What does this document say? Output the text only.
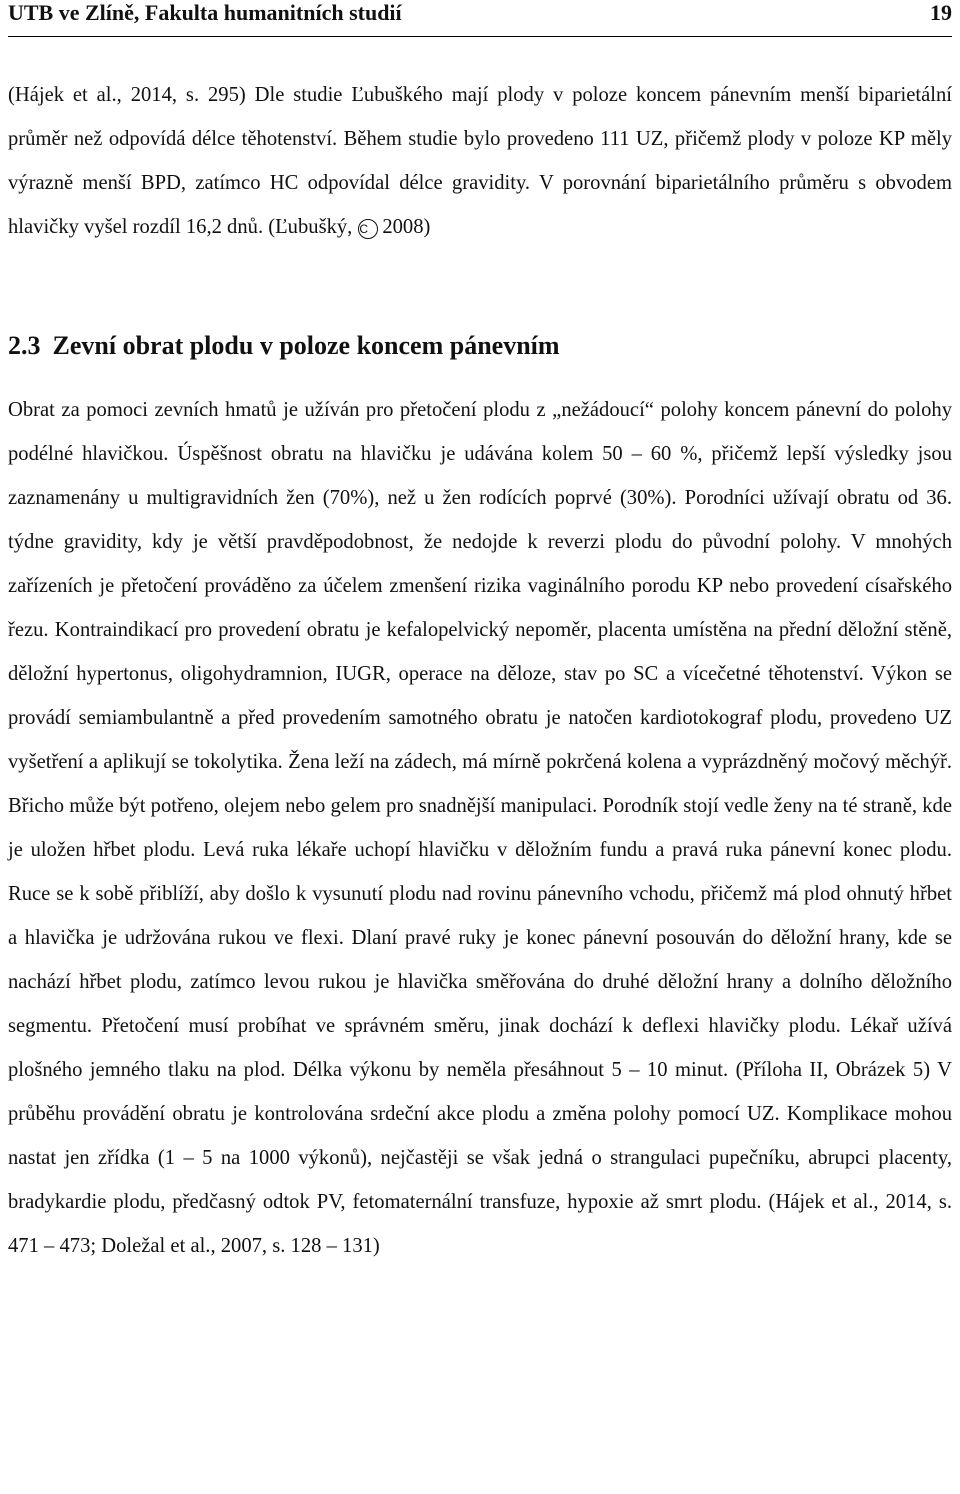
UTB ve Zlíně, Fakulta humanitních studií	19

(Hájek et al., 2014, s. 295) Dle studie Ľubuškého mají plody v poloze koncem pánevním menší biparietální průměr než odpovídá délce těhotenství. Během studie bylo provedeno 111 UZ, přičemž plody v poloze KP měly výrazně menší BPD, zatímco HC odpovídal délce gravidity. V porovnání biparietálního průměru s obvodem hlavičky vyšel rozdíl 16,2 dnů. (Ľubušký, C 2008)

2.3 Zevní obrat plodu v poloze koncem pánevním

Obrat za pomoci zevních hmatů je užíván pro přetočení plodu z „nežádoucí“ polohy koncem pánevní do polohy podélné hlavičkou. Úspěšnost obratu na hlavičku je udávána kolem 50 – 60 %, přičemž lepší výsledky jsou zaznamenány u multigravidních žen (70%), než u žen rodících poprvé (30%). Porodníci užívají obratu od 36. týdne gravidity, kdy je větší pravděpodobnost, že nedojde k reverzi plodu do původní polohy. V mnohých zařízeních je přetočení prováděno za účelem zmenšení rizika vaginálního porodu KP nebo provedení císařského řezu. Kontraindikací pro provedení obratu je kefalopelvický nepoměr, placenta umístěna na přední děložní stěně, děložní hypertonus, oligohydramnion, IUGR, operace na děloze, stav po SC a vícečetné těhotenství. Výkon se provádí semiambulantně a před provedením samotného obratu je natočen kardiotokograf plodu, provedeno UZ vyšetření a aplikují se tokolytika. Žena leží na zádech, má mírně pokrčená kolena a vyprázdněný močový měchýř. Břicho může být potřeno, olejem nebo gelem pro snadnější manipulaci. Porodník stojí vedle ženy na té straně, kde je uložen hřbet plodu. Levá ruka lékaře uchopí hlavičku v děložním fundu a pravá ruka pánevní konec plodu. Ruce se k sobě přiblíží, aby došlo k vysunutí plodu nad rovinu pánevního vchodu, přičemž má plod ohnutý hřbet a hlavička je udržována rukou ve flexi. Dlaní pravé ruky je konec pánevní posouván do děložní hrany, kde se nachází hřbet plodu, zatímco levou rukou je hlavička směřována do druhé děložní hrany a dolního děložního segmentu. Přetočení musí probíhat ve správném směru, jinak dochází k deflexi hlavičky plodu. Lékař užívá plošného jemného tlaku na plod. Délka výkonu by neměla přesáhnout 5 – 10 minut. (Příloha II, Obrázek 5) V průběhu provádění obratu je kontrolována srdeční akce plodu a změna polohy pomocí UZ. Komplikace mohou nastat jen zřídka (1 – 5 na 1000 výkonů), nejčastěji se však jedná o strangulaci pupečníku, abrupci placenty, bradykardie plodu, předčasný odtok PV, fetomaternální transfuze, hypoxie až smrt plodu. (Hájek et al., 2014, s. 471 – 473; Doležal et al., 2007, s. 128 – 131)
